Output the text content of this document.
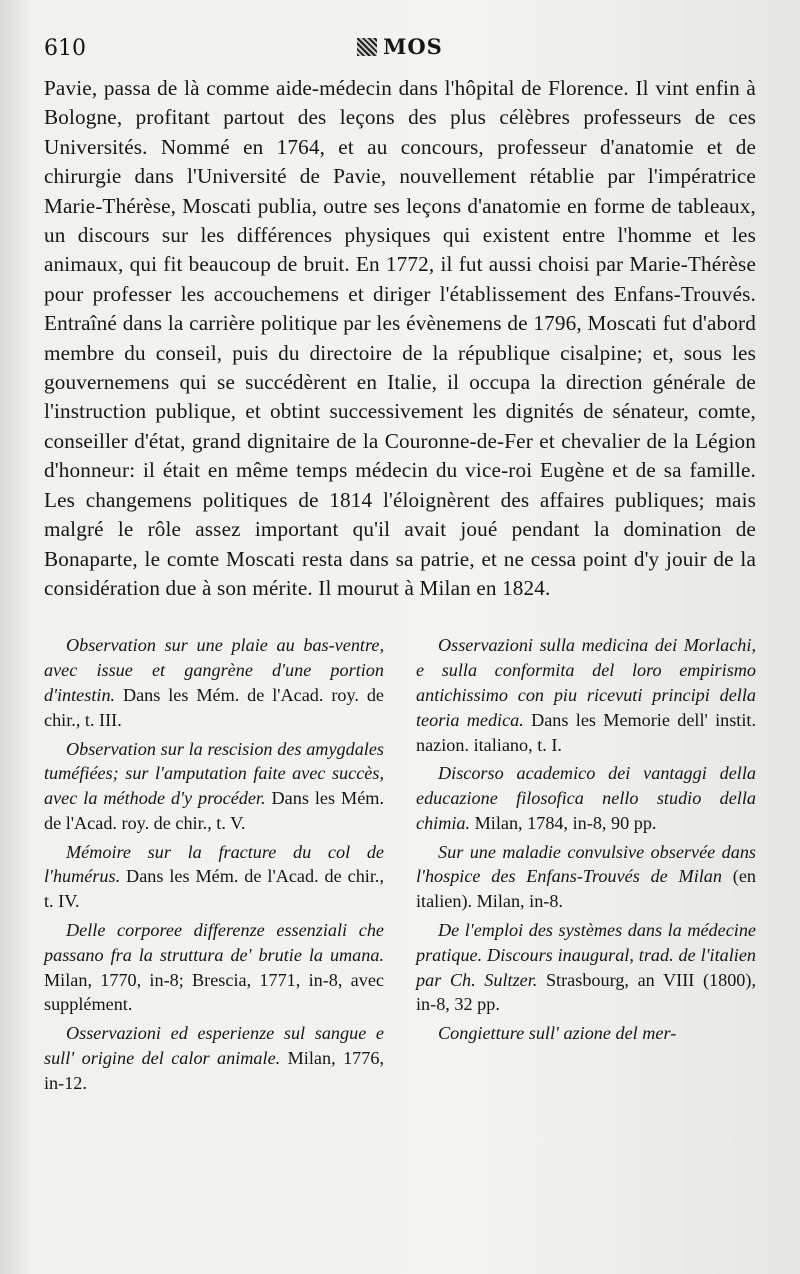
610	MOS

Pavie, passa de là comme aide-médecin dans l'hôpital de Florence. Il vint enfin à Bologne, profitant partout des leçons des plus célèbres professeurs de ces Universités. Nommé en 1764, et au concours, professeur d'anatomie et de chirurgie dans l'Université de Pavie, nouvellement rétablie par l'impératrice Marie-Thérèse, Moscati publia, outre ses leçons d'anatomie en forme de tableaux, un discours sur les différences physiques qui existent entre l'homme et les animaux, qui fit beaucoup de bruit. En 1772, il fut aussi choisi par Marie-Thérèse pour professer les accouchemens et diriger l'établissement des Enfans-Trouvés. Entraîné dans la carrière politique par les évènemens de 1796, Moscati fut d'abord membre du conseil, puis du directoire de la république cisalpine; et, sous les gouvernemens qui se succédèrent en Italie, il occupa la direction générale de l'instruction publique, et obtint successivement les dignités de sénateur, comte, conseiller d'état, grand dignitaire de la Couronne-de-Fer et chevalier de la Légion d'honneur: il était en même temps médecin du vice-roi Eugène et de sa famille. Les changemens politiques de 1814 l'éloignèrent des affaires publiques; mais malgré le rôle assez important qu'il avait joué pendant la domination de Bonaparte, le comte Moscati resta dans sa patrie, et ne cessa point d'y jouir de la considération due à son mérite. Il mourut à Milan en 1824.

Observation sur une plaie au bas-ventre, avec issue et gangrène d'une portion d'intestin. Dans les Mém. de l'Acad. roy. de chir., t. III.

Observation sur la rescision des amygdales tuméfiées; sur l'amputation faite avec succès, avec la méthode d'y procéder. Dans les Mém. de l'Acad. roy. de chir., t. V.

Mémoire sur la fracture du col de l'humérus. Dans les Mém. de l'Acad. de chir., t. IV.

Delle corporee differenze essenziali che passano fra la struttura de' brutie la umana. Milan, 1770, in-8; Brescia, 1771, in-8, avec supplément.

Osservazioni ed esperienze sul sangue e sull' origine del calor animale. Milan, 1776, in-12.

Osservazioni sulla medicina dei Morlachi, e sulla conformita del loro empirismo antichissimo con piu ricevuti principi della teoria medica. Dans les Memorie dell' instit. nazion. italiano, t. I.

Discorso academico dei vantaggi della educazione filosofica nello studio della chimia. Milan, 1784, in-8, 90 pp.

Sur une maladie convulsive observée dans l'hospice des Enfans-Trouvés de Milan (en italien). Milan, in-8.

De l'emploi des systèmes dans la médecine pratique. Discours inaugural, trad. de l'italien par Ch. Sultzer. Strasbourg, an VIII (1800), in-8, 32 pp.

Congietture sull' azione del mer-
